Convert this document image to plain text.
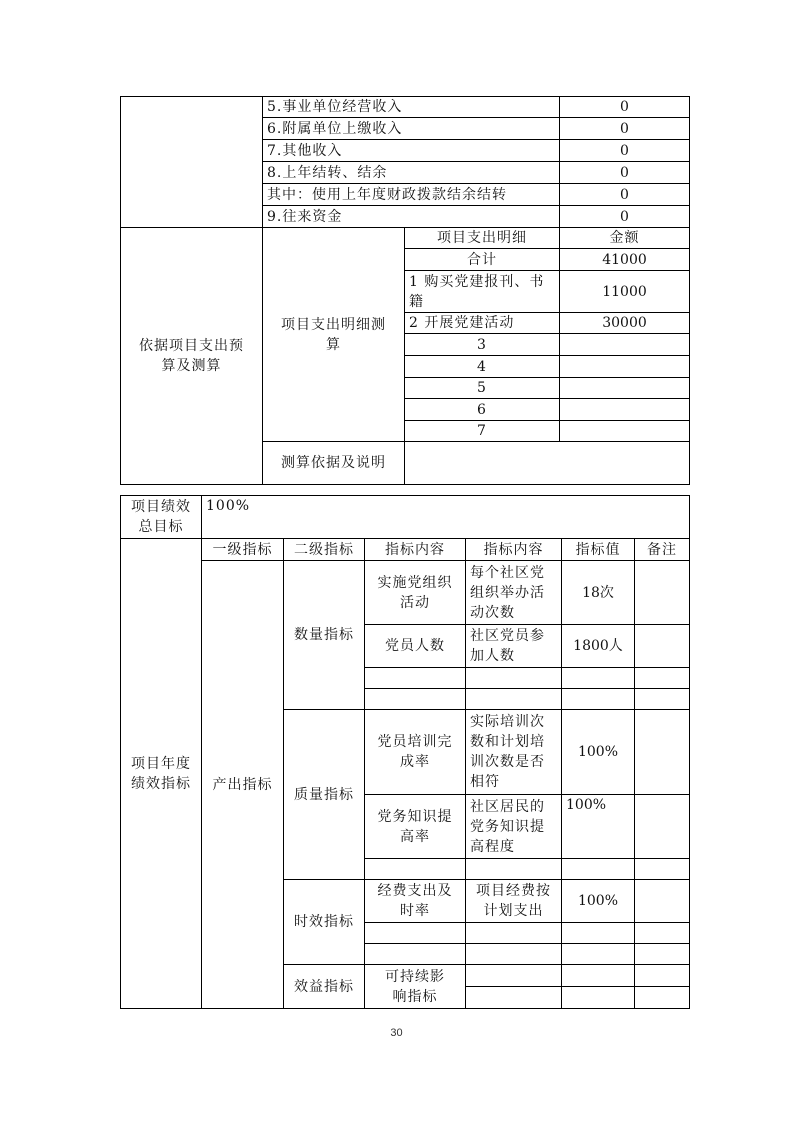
	5.事业单位经营收入		0
	6.附属单位上缴收入		0
	7.其他收入		0
	8.上年结转、结余		0
	其中：使用上年度财政拨款结余结转		0
	9.往来资金		0
依据项目支出预算及测算	项目支出明细测算	项目支出明细	金额
		合计	41000
		1 购买党建报刊、书籍	11000
		2 开展党建活动	30000
		3	
		4	
		5	
		6	
		7	
	测算依据及说明		
项目绩效总目标	100%						
项目年度绩效指标	一级指标	二级指标	指标内容	指标内容	指标值	备注	
	产出指标	数量指标	实施党组织活动	每个社区党组织举办活动次数	18次		
			党员人数	社区党员参加人数	1800人		

		质量指标	党员培训完成率	实际培训次数和计划培训次数是否相符	100%		
			党务知识提高率	社区居民的党务知识提高程度	100%		

		时效指标	经费支出及时率	项目经费按计划支出	100%		

		效益指标	可持续影响指标				

30
